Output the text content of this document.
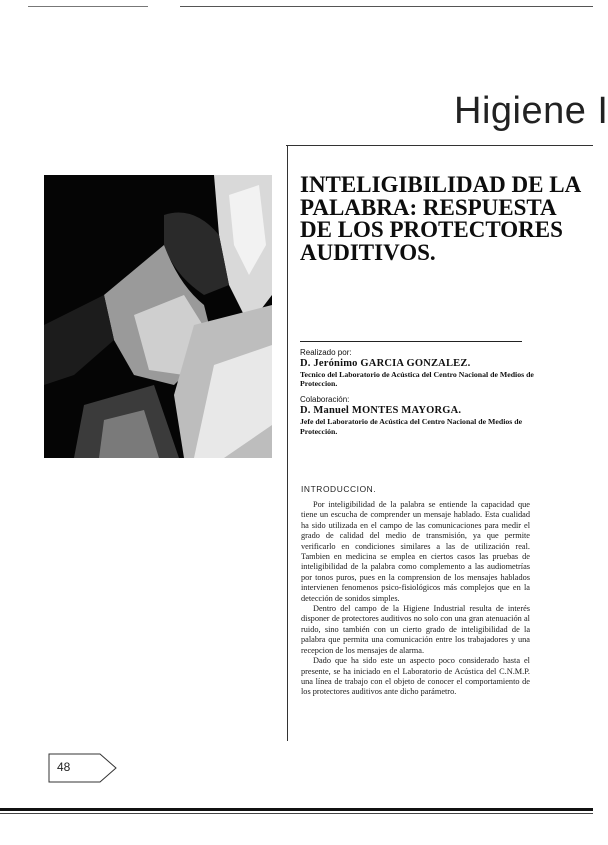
Higiene I
INTELIGIBILIDAD DE LA PALABRA: RESPUESTA DE LOS PROTECTORES AUDITIVOS.
Realizado por:
D. Jerónimo GARCIA GONZALEZ.
Tecnico del Laboratorio de Acústica del Centro Nacional de Medios de Proteccion.
Colaboración:
D. Manuel MONTES MAYORGA.
Jefe del Laboratorio de Acústica del Centro Nacional de Medios de Protección.
INTRODUCCION.

Por inteligibilidad de la palabra se entiende la capacidad que tiene un escucha de comprender un mensaje hablado. Esta cualidad ha sido utilizada en el campo de las comunicaciones para medir el grado de calidad del medio de transmisión, ya que permite verificarlo en condiciones similares a las de utilización real. Tambien en medicina se emplea en ciertos casos las pruebas de inteligibilidad de la palabra como complemento a las audiometrías por tonos puros, pues en la comprension de los mensajes hablados intervienen fenomenos psico-fisiológicos más complejos que en la detección de sonidos simples.

Dentro del campo de la Higiene Industrial resulta de interés disponer de protectores auditivos no solo con una gran atenuación al ruido, sino también con un cierto grado de inteligibilidad de la palabra que permita una comunicación entre los trabajadores y una recepcion de los mensajes de alarma.

Dado que ha sido este un aspecto poco considerado hasta el presente, se ha iniciado en el Laboratorio de Acústica del C.N.M.P. una línea de trabajo con el objeto de conocer el comportamiento de los protectores auditivos ante dicho parámetro.

48
